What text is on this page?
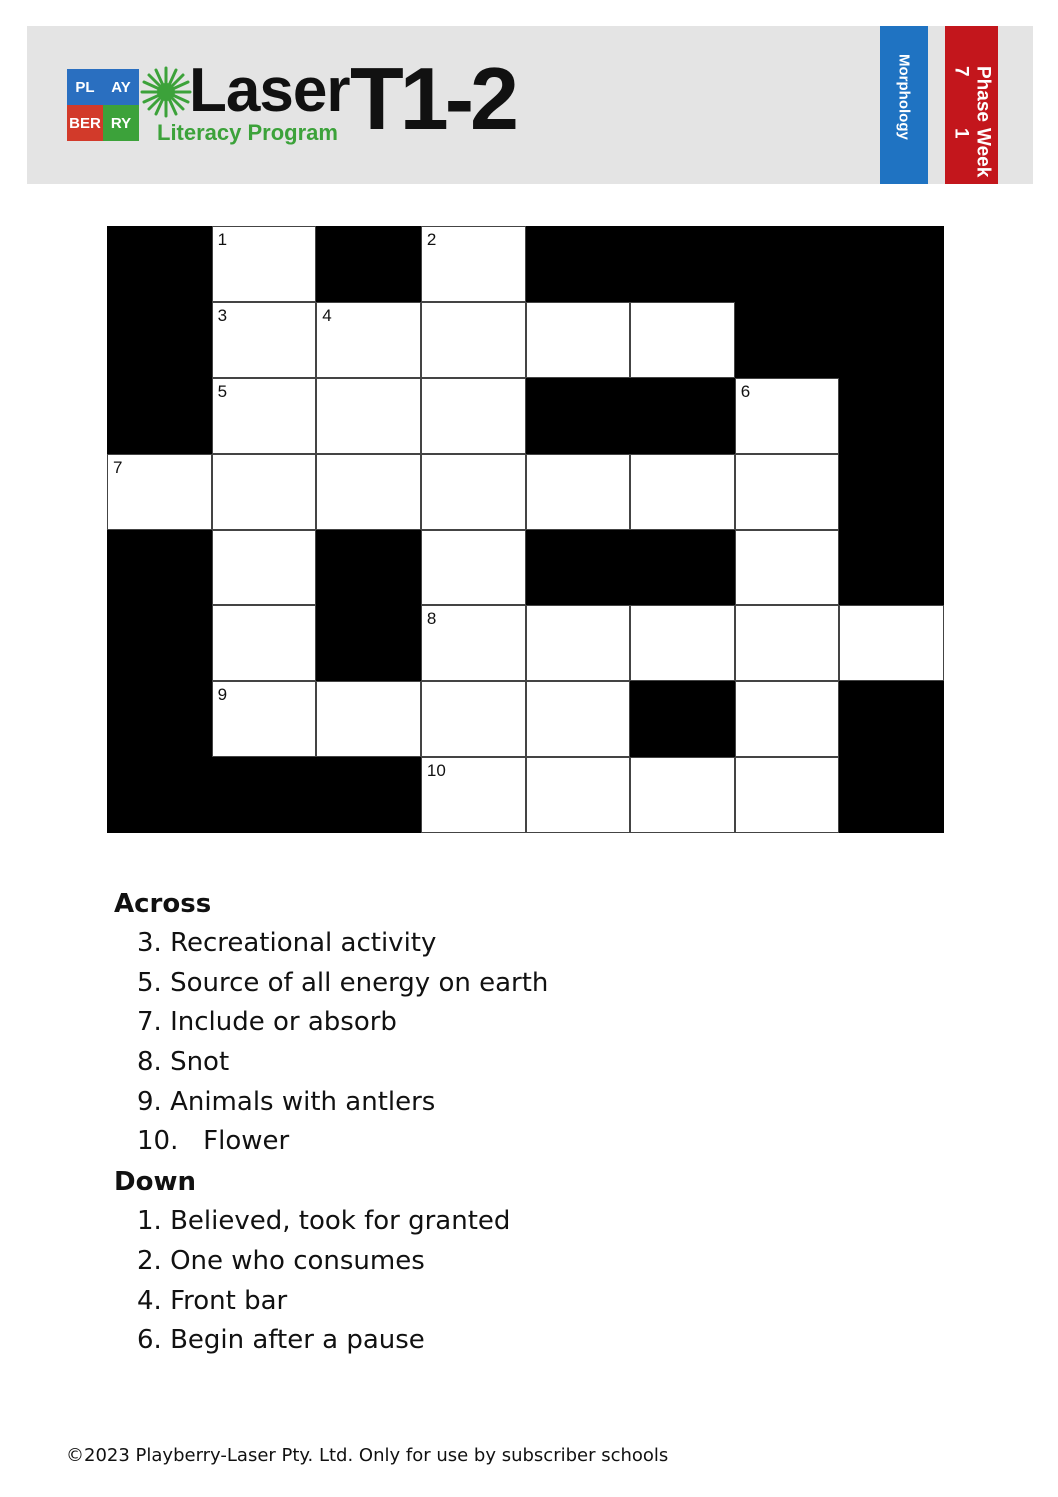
PL	AY
BER RY Laser
Literacy Program T1-2	Morphology	Phase 7
Week 1
1	2
3	4
5	6
7
8
9
10
Across
3. Recreational activity
5. Source of all energy on earth
7. Include or absorb
8. Snot
9. Animals with antlers
10.   Flower
Down
1. Believed, took for granted
2. One who consumes
4. Front bar
6. Begin after a pause
©2023 Playberry-Laser Pty. Ltd. Only for use by subscriber schools
